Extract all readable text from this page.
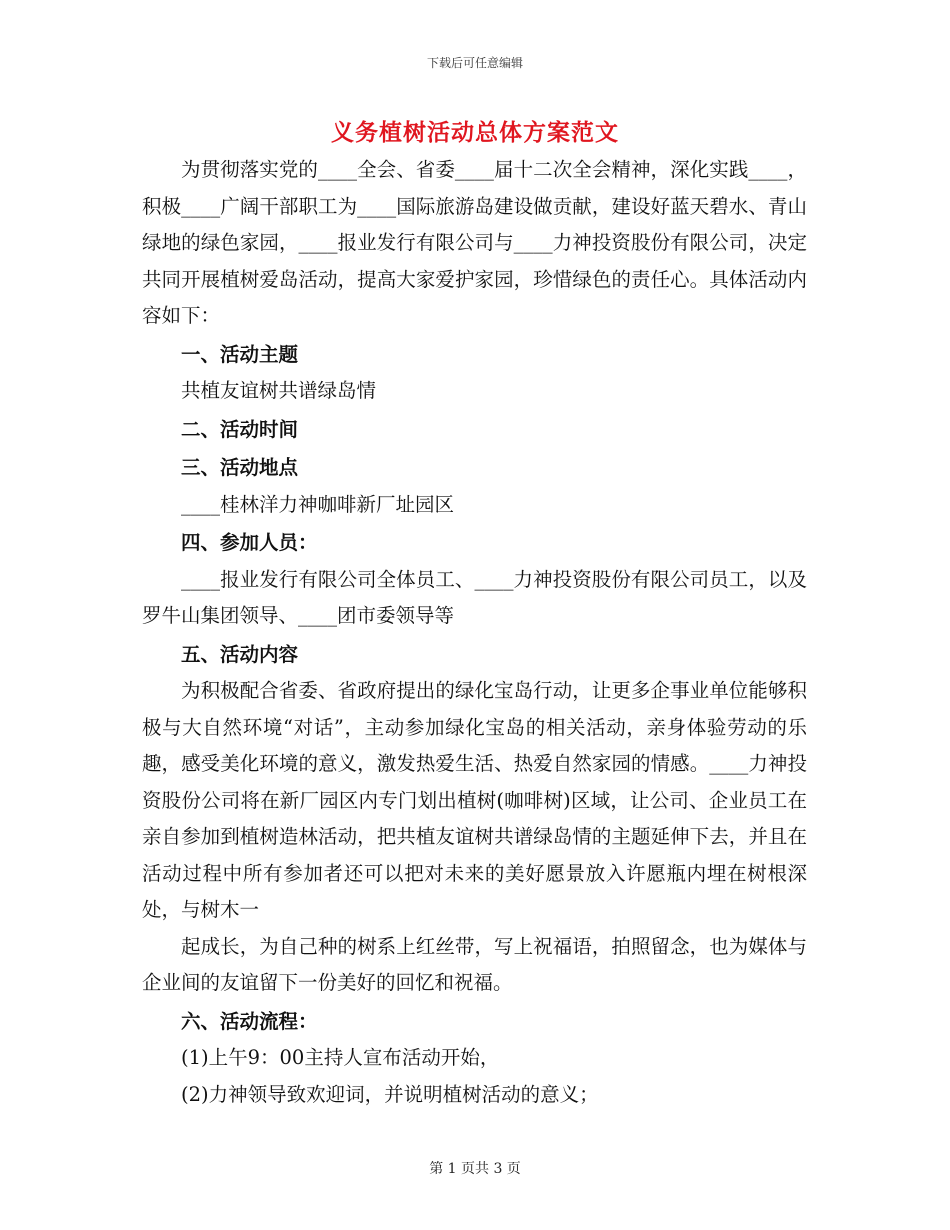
下载后可任意编辑
义务植树活动总体方案范文

为贯彻落实党的____全会、省委____届十二次全会精神，深化实践____，积极____广阔干部职工为____国际旅游岛建设做贡献，建设好蓝天碧水、青山绿地的绿色家园，____报业发行有限公司与____力神投资股份有限公司，决定共同开展植树爱岛活动，提高大家爱护家园，珍惜绿色的责任心。具体活动内容如下：

一、活动主题

共植友谊树共谱绿岛情

二、活动时间

三、活动地点

____桂林洋力神咖啡新厂址园区

四、参加人员：

____报业发行有限公司全体员工、____力神投资股份有限公司员工，以及罗牛山集团领导、____团市委领导等

五、活动内容

为积极配合省委、省政府提出的绿化宝岛行动，让更多企事业单位能够积极与大自然环境“对话”，主动参加绿化宝岛的相关活动，亲身体验劳动的乐趣，感受美化环境的意义，激发热爱生活、热爱自然家园的情感。____力神投资股份公司将在新厂园区内专门划出植树(咖啡树)区域，让公司、企业员工在亲自参加到植树造林活动，把共植友谊树共谱绿岛情的主题延伸下去，并且在活动过程中所有参加者还可以把对未来的美好愿景放入许愿瓶内埋在树根深处，与树木一

起成长，为自己种的树系上红丝带，写上祝福语，拍照留念，也为媒体与企业间的友谊留下一份美好的回忆和祝福。

六、活动流程：

(1)上午9：00主持人宣布活动开始，

(2)力神领导致欢迎词，并说明植树活动的意义；

第 1 页共 3 页
